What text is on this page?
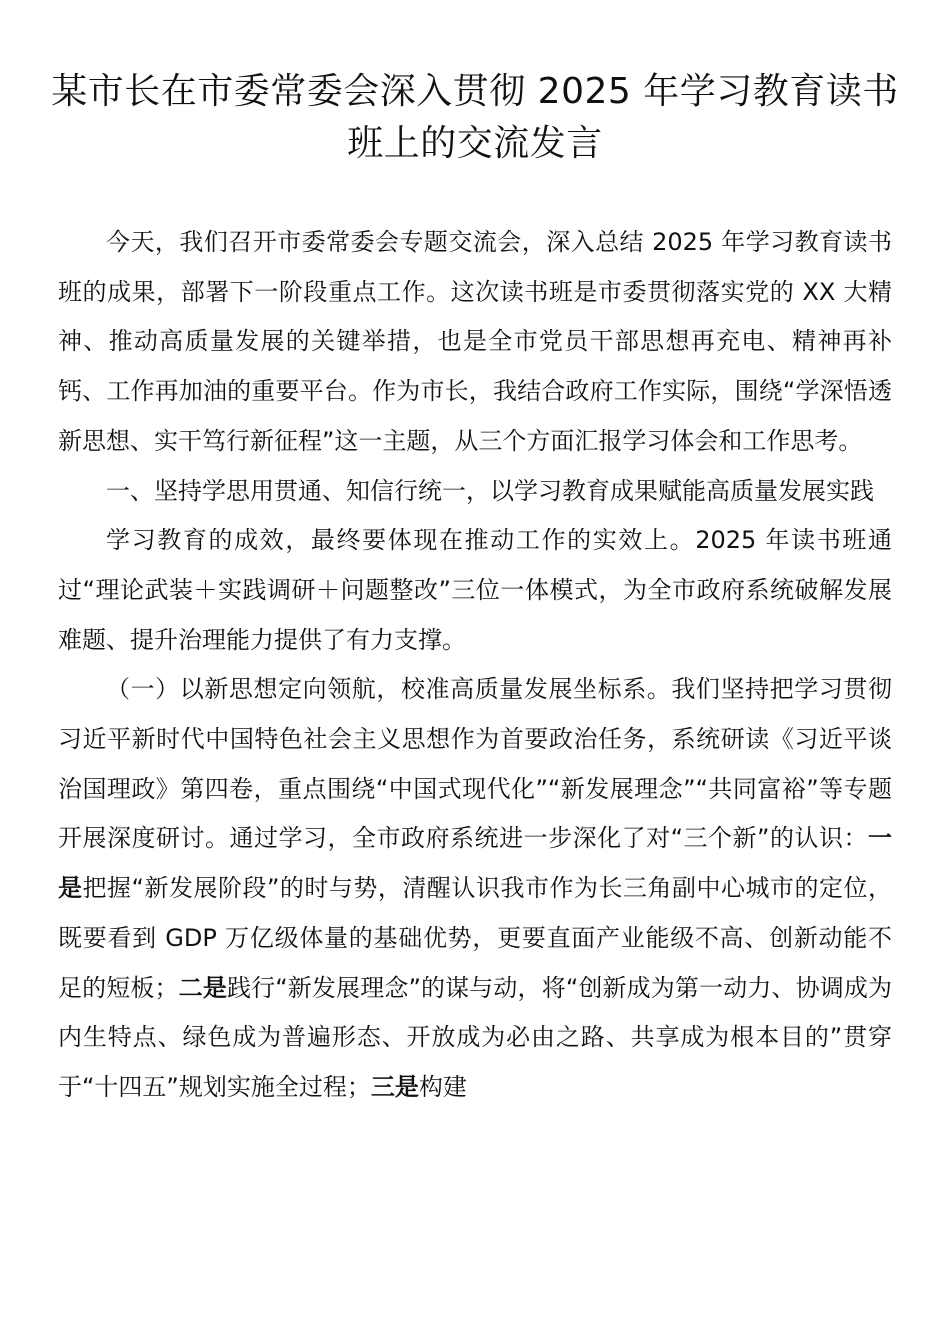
某市长在市委常委会深入贯彻 2025 年学习教育读书班上的交流发言

今天，我们召开市委常委会专题交流会，深入总结 2025 年学习教育读书班的成果，部署下一阶段重点工作。这次读书班是市委贯彻落实党的 XX 大精神、推动高质量发展的关键举措，也是全市党员干部思想再充电、精神再补钙、工作再加油的重要平台。作为市长，我结合政府工作实际，围绕“学深悟透新思想、实干笃行新征程”这一主题，从三个方面汇报学习体会和工作思考。

一、坚持学思用贯通、知信行统一，以学习教育成果赋能高质量发展实践

学习教育的成效，最终要体现在推动工作的实效上。2025 年读书班通过“理论武装＋实践调研＋问题整改”三位一体模式，为全市政府系统破解发展难题、提升治理能力提供了有力支撑。

（一）以新思想定向领航，校准高质量发展坐标系。我们坚持把学习贯彻习近平新时代中国特色社会主义思想作为首要政治任务，系统研读《习近平谈治国理政》第四卷，重点围绕“中国式现代化”“新发展理念”“共同富裕”等专题开展深度研讨。通过学习，全市政府系统进一步深化了对“三个新”的认识：一是把握“新发展阶段”的时与势，清醒认识我市作为长三角副中心城市的定位，既要看到 GDP 万亿级体量的基础优势，更要直面产业能级不高、创新动能不足的短板；二是践行“新发展理念”的谋与动，将“创新成为第一动力、协调成为内生特点、绿色成为普遍形态、开放成为必由之路、共享成为根本目的”贯穿于“十四五”规划实施全过程；三是构建
